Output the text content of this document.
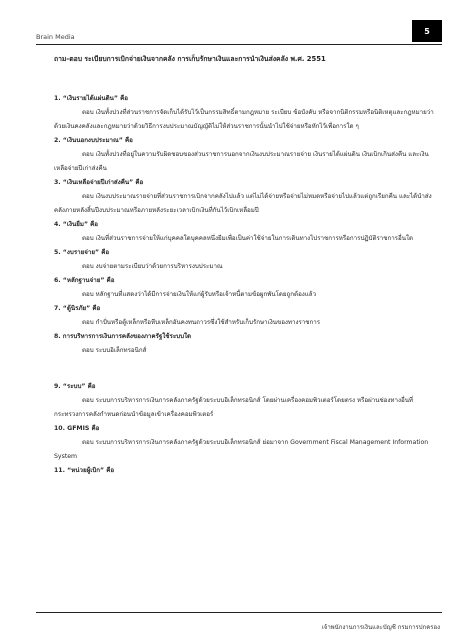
Brain Media
5
ถาม-ตอบ ระเบียบการเบิกจ่ายเงินจากคลัง การเก็บรักษาเงินและการนำเงินส่งคลัง พ.ศ. 2551
1. “เงินรายได้แผ่นดิน” คือ
ตอบ เงินทั้งปวงที่ส่วนราชการจัดเก็บได้รับไว้เป็นกรรมสิทธิ์ตามกฎหมาย ระเบียบ ข้อบังคับ หรือจากนิติกรรมหรือนิติเหตุและกฎหมายว่าด้วยเงินคงคลังและกฎหมายว่าด้วยวิธีการงบประมาณบัญญัติไม่ให้ส่วนราชการนั้นนำไปใช้จ่ายหรือหักไว้เพื่อการใด ๆ
2. “เงินนอกงบประมาณ” คือ
ตอบ เงินทั้งปวงที่อยู่ในความรับผิดชอบของส่วนราชการนอกจากเงินงบประมาณรายจ่าย เงินรายได้แผ่นดิน เงินเบิกเกินส่งคืน และเงินเหลือจ่ายปีเก่าส่งคืน
3. “เงินเหลือจ่ายปีเก่าส่งคืน” คือ
ตอบ เงินงบประมาณรายจ่ายที่ส่วนราชการเบิกจากคลังไปแล้ว แต่ไม่ได้จ่ายหรือจ่ายไม่หมดหรือจ่ายไปแล้วแต่ถูกเรียกคืน และได้นำส่งคลังภายหลังสิ้นปีงบประมาณหรือภายหลังระยะเวลาเบิกเงินที่กันไว้เบิกเหลื่อมปี
4. “เงินยืม” คือ
ตอบ เงินที่ส่วนราชการจ่ายให้แก่บุคคลใดบุคคลหนึ่งยืมเพื่อเป็นค่าใช้จ่ายในการเดินทางไปราชการหรือการปฏิบัติราชการอื่นใด
5. “งบรายจ่าย” คือ
ตอบ งบจ่ายตามระเบียบว่าด้วยการบริหารงบประมาณ
6. “หลักฐานจ่าย” คือ
ตอบ หลักฐานที่แสดงว่าได้มีการจ่ายเงินให้แก่ผู้รับหรือเจ้าหนี้ตามข้อผูกพันโดยถูกต้องแล้ว
7. “ตู้นิรภัย” คือ
ตอบ กำปั่นหรือตู้เหล็กหรือหีบเหล็กอันคงทนถาวรซึ่งใช้สำหรับเก็บรักษาเงินของทางราชการ
8. การบริหารการเงินการคลังของภาครัฐใช้ระบบใด
ตอบ ระบบอิเล็กทรอนิกส์
9. “ระบบ” คือ
ตอบ ระบบการบริหารการเงินการคลังภาครัฐด้วยระบบอิเล็กทรอนิกส์ โดยผ่านเครื่องคอมพิวเตอร์โดยตรง หรือผ่านช่องทางอื่นที่กระทรวงการคลังกำหนดก่อนนำข้อมูลเข้าเครื่องคอมพิวเตอร์
10. GFMIS คือ
ตอบ ระบบการบริหารการเงินการคลังภาครัฐด้วยระบบอิเล็กทรอนิกส์ ย่อมาจาก Government Fiscal Management Information System
11. “หน่วยผู้เบิก” คือ
เจ้าพนักงานการเงินและบัญชี กรมการปกครอง
